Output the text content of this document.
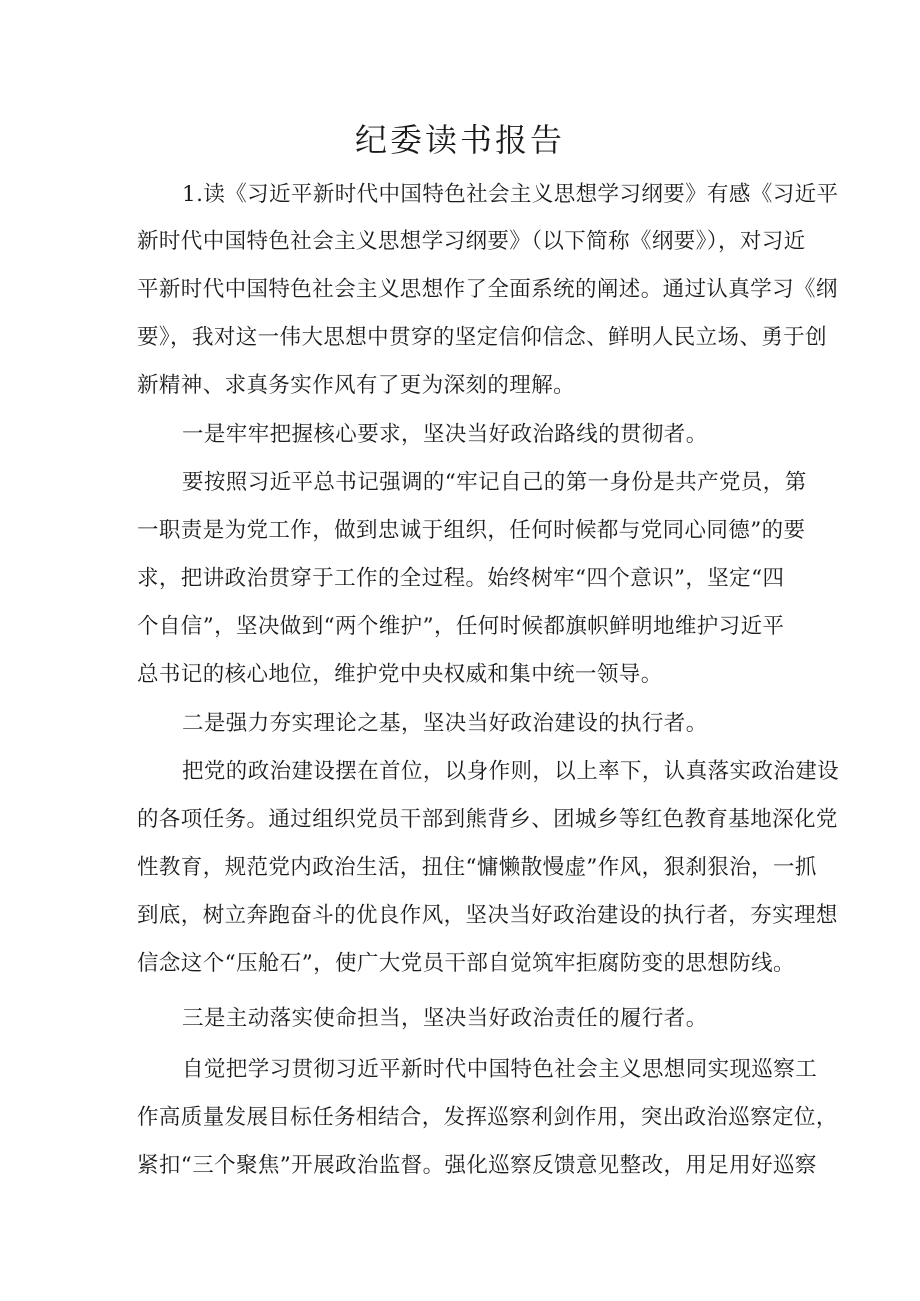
纪委读书报告
1.读《习近平新时代中国特色社会主义思想学习纲要》有感《习近平
新时代中国特色社会主义思想学习纲要》（以下简称《纲要》），对习近
平新时代中国特色社会主义思想作了全面系统的阐述。通过认真学习《纲
要》，我对这一伟大思想中贯穿的坚定信仰信念、鲜明人民立场、勇于创
新精神、求真务实作风有了更为深刻的理解。
一是牢牢把握核心要求，坚决当好政治路线的贯彻者。
要按照习近平总书记强调的“牢记自己的第一身份是共产党员，第
一职责是为党工作，做到忠诚于组织，任何时候都与党同心同德”的要
求，把讲政治贯穿于工作的全过程。始终树牢“四个意识”，坚定“四
个自信”，坚决做到“两个维护”，任何时候都旗帜鲜明地维护习近平
总书记的核心地位，维护党中央权威和集中统一领导。
二是强力夯实理论之基，坚决当好政治建设的执行者。
把党的政治建设摆在首位，以身作则，以上率下，认真落实政治建设
的各项任务。通过组织党员干部到熊背乡、团城乡等红色教育基地深化党
性教育，规范党内政治生活，扭住“慵懒散慢虚”作风，狠刹狠治，一抓
到底，树立奔跑奋斗的优良作风，坚决当好政治建设的执行者，夯实理想
信念这个“压舱石”，使广大党员干部自觉筑牢拒腐防变的思想防线。
三是主动落实使命担当，坚决当好政治责任的履行者。
自觉把学习贯彻习近平新时代中国特色社会主义思想同实现巡察工
作高质量发展目标任务相结合，发挥巡察利剑作用，突出政治巡察定位，
紧扣“三个聚焦”开展政治监督。强化巡察反馈意见整改，用足用好巡察
